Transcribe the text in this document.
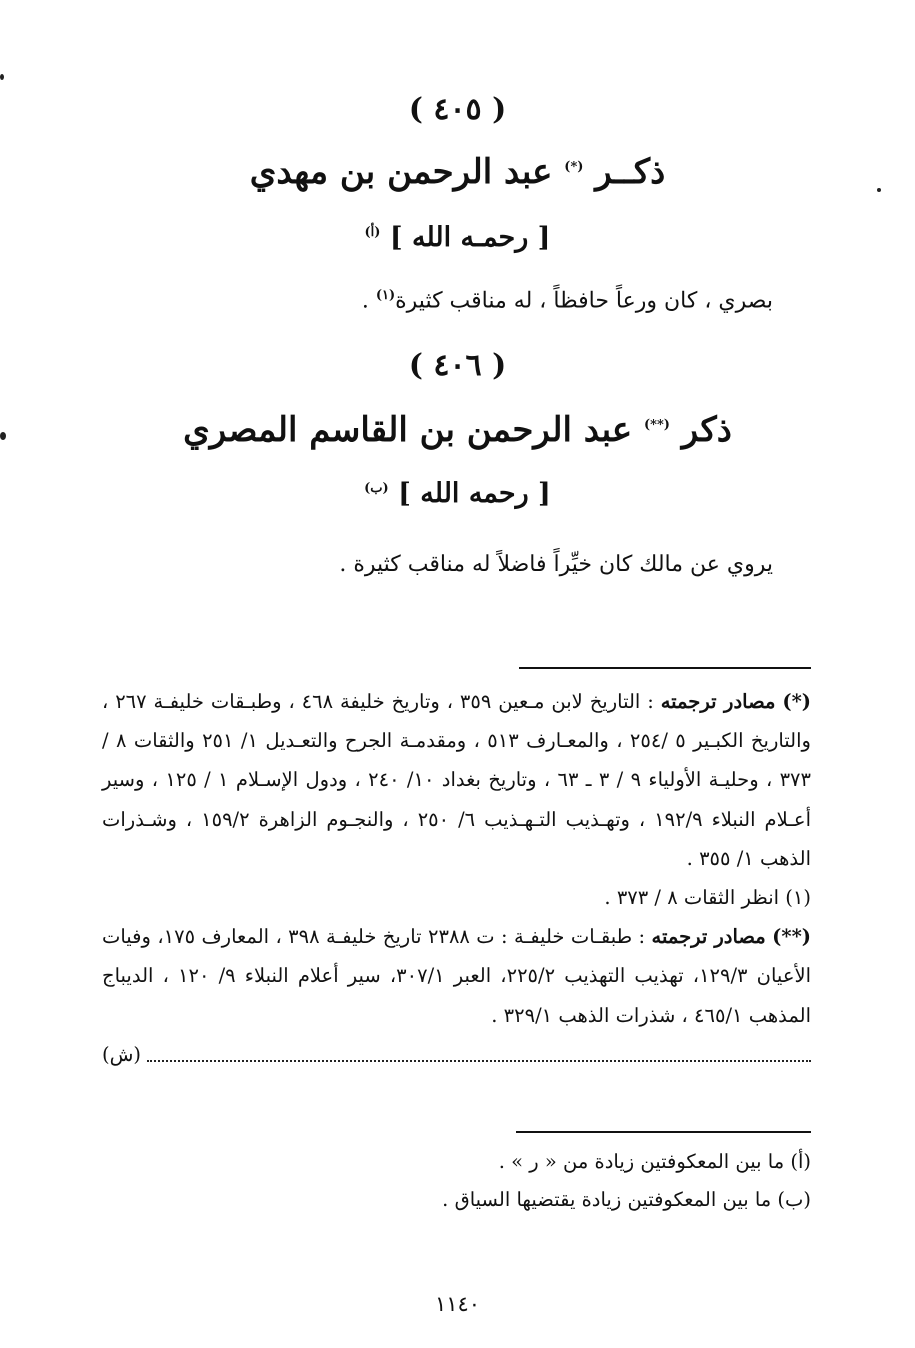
( ٤٠٥ )
ذكــر (*) عبد الرحمن بن مهدي
[ رحمـه الله ] $^{(أ)}$
بصري ، كان ورعاً حافظاً ، له مناقب كثيرة$^{(١)}$ .
( ٤٠٦ )
ذكر (**) عبد الرحمن بن القاسم المصري
[ رحمه الله ] $^{(ب)}$
يروي عن مالك كان خيِّراً فاضلاً له مناقب كثيرة .

(*) مصادر ترجمته : التاريخ لابن مـعين ٣٥٩ ، وتاريخ خليفة ٤٦٨ ، وطبـقات خليفـة ٢٦٧ ، والتاريخ الكبـير ٥ /٢٥٤ ، والمعـارف ٥١٣ ، ومقدمـة الجرح والتعـديل ١/ ٢٥١ والثقات ٨ / ٣٧٣ ، وحليـة الأولياء ٩ / ٣ ـ ٦٣ ، وتاريخ بغداد ١٠/ ٢٤٠ ، ودول الإسـلام ١ / ١٢٥ ، وسير أعـلام النبلاء ١٩٢/٩ ، وتهـذيب التـهـذيب ٦/ ٢٥٠ ، والنجـوم الزاهرة ١٥٩/٢ ، وشـذرات الذهب ١/ ٣٥٥ .

(١) انظر الثقات ٨ / ٣٧٣ .

(**) مصادر ترجمته : طبقـات خليفـة : ت ٢٣٨٨ تاريخ خليفـة ٣٩٨ ، المعارف ١٧٥، وفيات الأعيان ١٢٩/٣، تهذيب التهذيب ٢٢٥/٢، العبر ٣٠٧/١، سير أعلام النبلاء ٩/ ١٢٠ ، الديباج المذهب ٤٦٥/١ ، شذرات الذهب ٣٢٩/١ .

(ش)
(أ) ما بين المعكوفتين زيادة من « ر » .
(ب) ما بين المعكوفتين زيادة يقتضيها السياق .
١١٤٠
